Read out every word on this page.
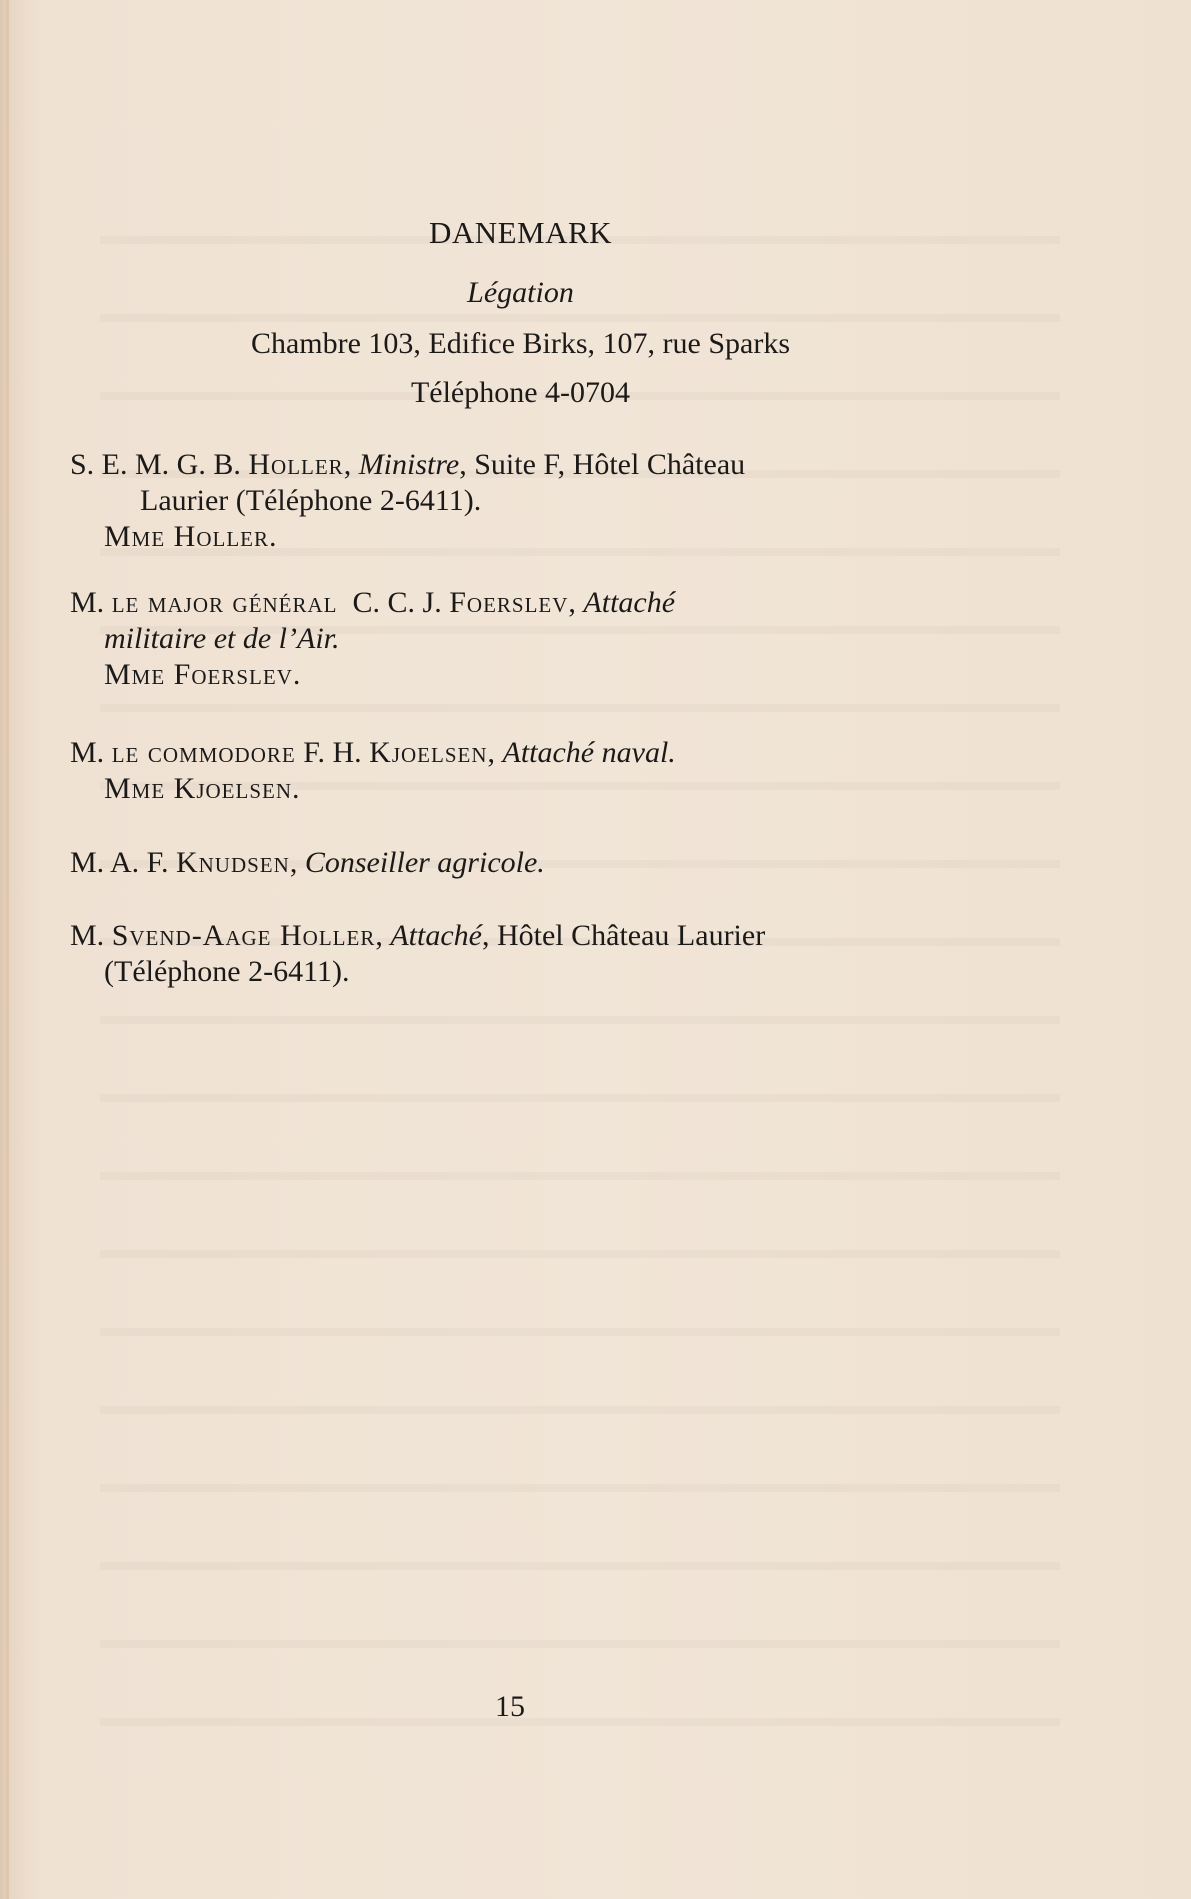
DANEMARK
Légation
Chambre 103, Edifice Birks, 107, rue Sparks
Téléphone 4-0704
S. E. M. G. B. Holler, Ministre, Suite F, Hôtel Château
Laurier (Téléphone 2-6411).
Mme Holler.
M. le major général C. C. J. Foerslev, Attaché
militaire et de l’Air.
Mme Foerslev.
M. le commodore F. H. Kjoelsen, Attaché naval.
Mme Kjoelsen.
M. A. F. Knudsen, Conseiller agricole.
M. Svend-Aage Holler, Attaché, Hôtel Château Laurier
(Téléphone 2-6411).
15
